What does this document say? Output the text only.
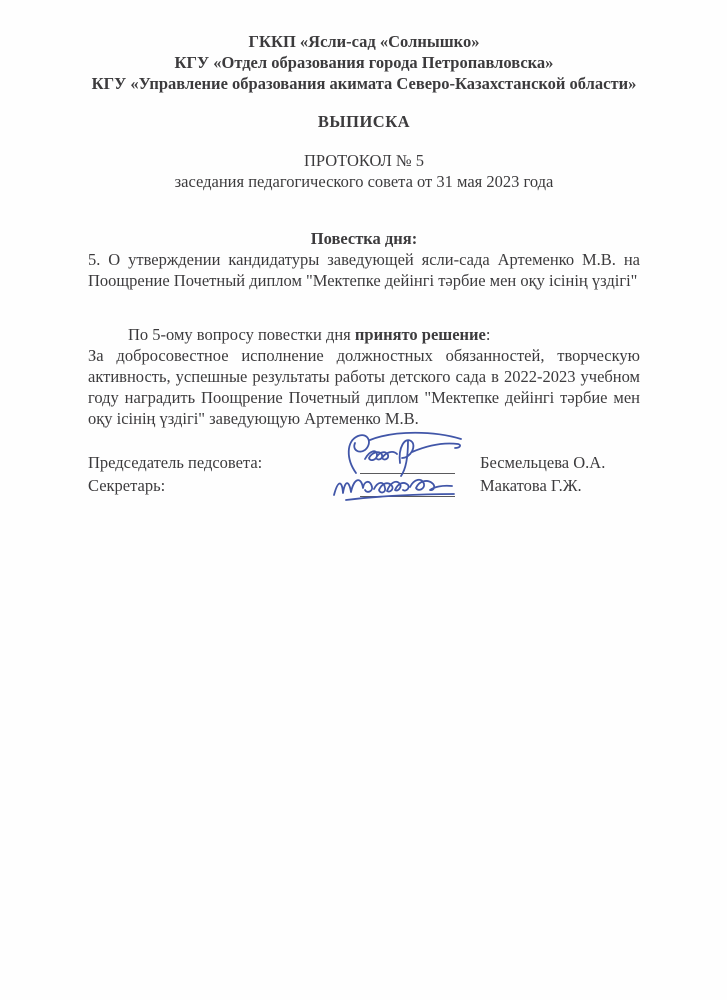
ГККП «Ясли-сад «Солнышко»
КГУ «Отдел образования города Петропавловска»
КГУ «Управление образования акимата Северо-Казахстанской области»
ВЫПИСКА
ПРОТОКОЛ № 5
заседания педагогического совета от 31 мая 2023 года
Повестка дня:

5. О утверждении кандидатуры заведующей ясли-сада Артеменко М.В. на Поощрение Почетный диплом "Мектепке дейінгі тәрбие мен оқу ісінің үздігі"

По 5-ому вопросу повестки дня принято решение:

За добросовестное исполнение должностных обязанностей, творческую активность, успешные результаты работы детского сада в 2022-2023 учебном году наградить Поощрение Почетный диплом "Мектепке дейінгі тәрбие мен оқу ісінің үздігі" заведующую Артеменко М.В.

Председатель педсовета:	Бесмельцева О.А.
Секретарь:	Макатова Г.Ж.
